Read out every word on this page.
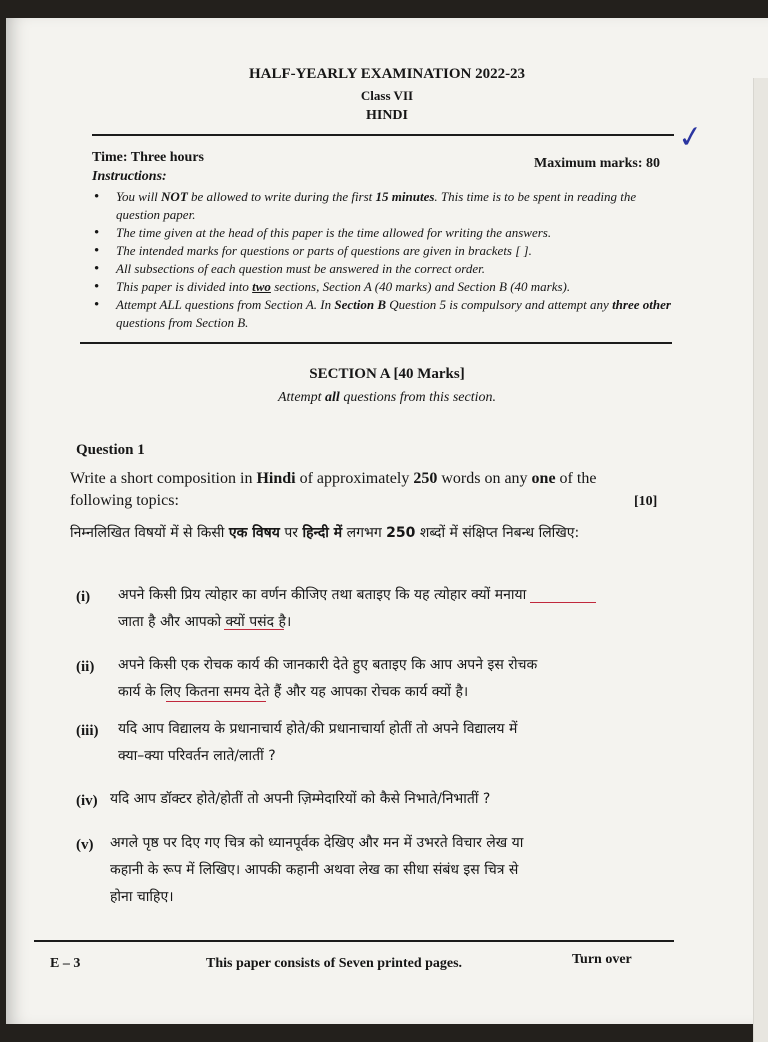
HALF-YEARLY EXAMINATION 2022-23
Class VII
HINDI
✓
Time: Three hours	Maximum marks: 80
Instructions:
• You will NOT be allowed to write during the first 15 minutes. This time is to be spent in reading the question paper.
• The time given at the head of this paper is the time allowed for writing the answers.
• The intended marks for questions or parts of questions are given in brackets [ ].
• All subsections of each question must be answered in the correct order.
• This paper is divided into two sections, Section A (40 marks) and Section B (40 marks).
• Attempt ALL questions from Section A. In Section B Question 5 is compulsory and attempt any three other questions from Section B.
SECTION A [40 Marks]
Attempt all questions from this section.
Question 1
Write a short composition in Hindi of approximately 250 words on any one of the following topics:	[10]
निम्नलिखित विषयों में से किसी एक विषय पर हिन्दी में लगभग 250 शब्दों में संक्षिप्त निबन्ध लिखिए:
(i) अपने किसी प्रिय त्योहार का वर्णन कीजिए तथा बताइए कि यह त्योहार क्यों मनाया
जाता है और आपको क्यों पसंद है।
(ii) अपने किसी एक रोचक कार्य की जानकारी देते हुए बताइए कि आप अपने इस रोचक
कार्य के लिए कितना समय देते हैं और यह आपका रोचक कार्य क्यों है।
(iii) यदि आप विद्यालय के प्रधानाचार्य होते/की प्रधानाचार्या होतीं तो अपने विद्यालय में
क्या–क्या परिवर्तन लाते/लातीं ?
(iv) यदि आप डॉक्टर होते/होतीं तो अपनी ज़िम्मेदारियों को कैसे निभाते/निभातीं ?
(v) अगले पृष्ठ पर दिए गए चित्र को ध्यानपूर्वक देखिए और मन में उभरते विचार लेख या
कहानी के रूप में लिखिए। आपकी कहानी अथवा लेख का सीधा संबंध इस चित्र से
होना चाहिए।
E – 3	This paper consists of Seven printed pages.	Turn over
